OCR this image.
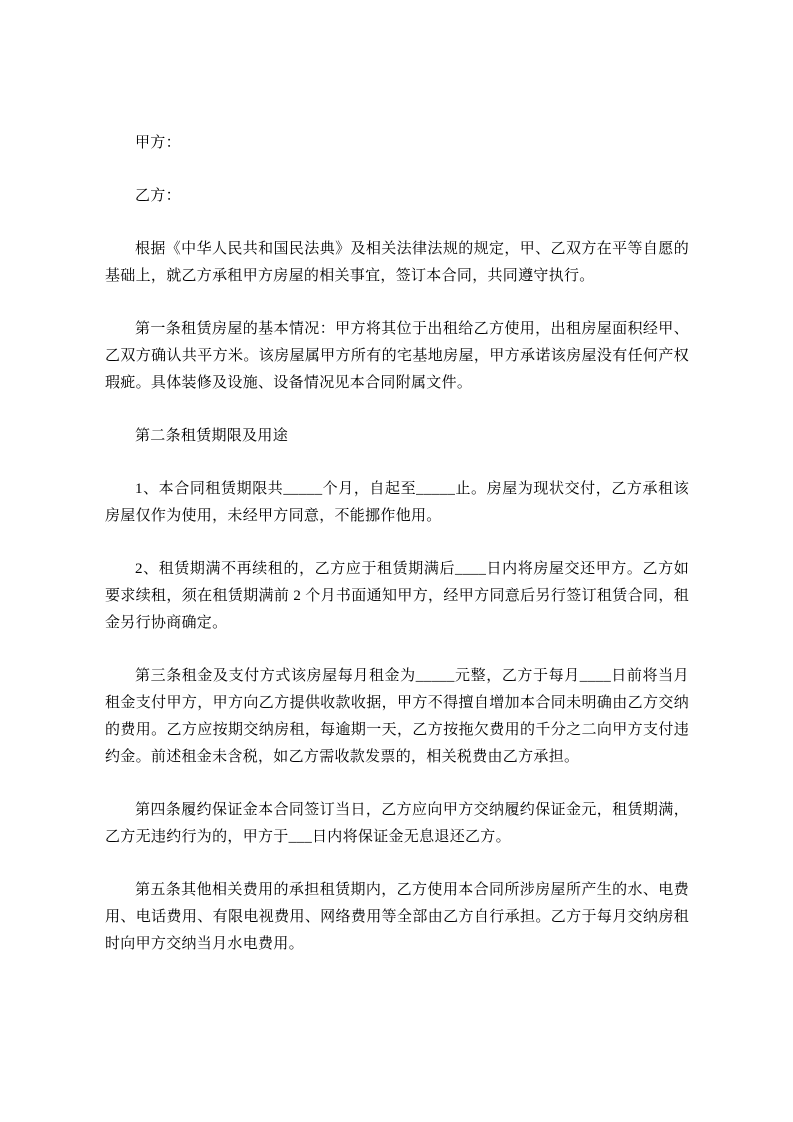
甲方：

乙方：

根据《中华人民共和国民法典》及相关法律法规的规定，甲、乙双方在平等自愿的基础上，就乙方承租甲方房屋的相关事宜，签订本合同，共同遵守执行。

第一条租赁房屋的基本情况：甲方将其位于出租给乙方使用，出租房屋面积经甲、乙双方确认共平方米。该房屋属甲方所有的宅基地房屋，甲方承诺该房屋没有任何产权瑕疵。具体装修及设施、设备情况见本合同附属文件。

第二条租赁期限及用途

1、本合同租赁期限共_____个月，自起至_____止。房屋为现状交付，乙方承租该房屋仅作为使用，未经甲方同意，不能挪作他用。

2、租赁期满不再续租的，乙方应于租赁期满后____日内将房屋交还甲方。乙方如要求续租，须在租赁期满前 2 个月书面通知甲方，经甲方同意后另行签订租赁合同，租金另行协商确定。

第三条租金及支付方式该房屋每月租金为_____元整，乙方于每月____日前将当月租金支付甲方，甲方向乙方提供收款收据，甲方不得擅自增加本合同未明确由乙方交纳的费用。乙方应按期交纳房租，每逾期一天，乙方按拖欠费用的千分之二向甲方支付违约金。前述租金未含税，如乙方需收款发票的，相关税费由乙方承担。

第四条履约保证金本合同签订当日，乙方应向甲方交纳履约保证金元，租赁期满，乙方无违约行为的，甲方于___日内将保证金无息退还乙方。

第五条其他相关费用的承担租赁期内，乙方使用本合同所涉房屋所产生的水、电费用、电话费用、有限电视费用、网络费用等全部由乙方自行承担。乙方于每月交纳房租时向甲方交纳当月水电费用。
